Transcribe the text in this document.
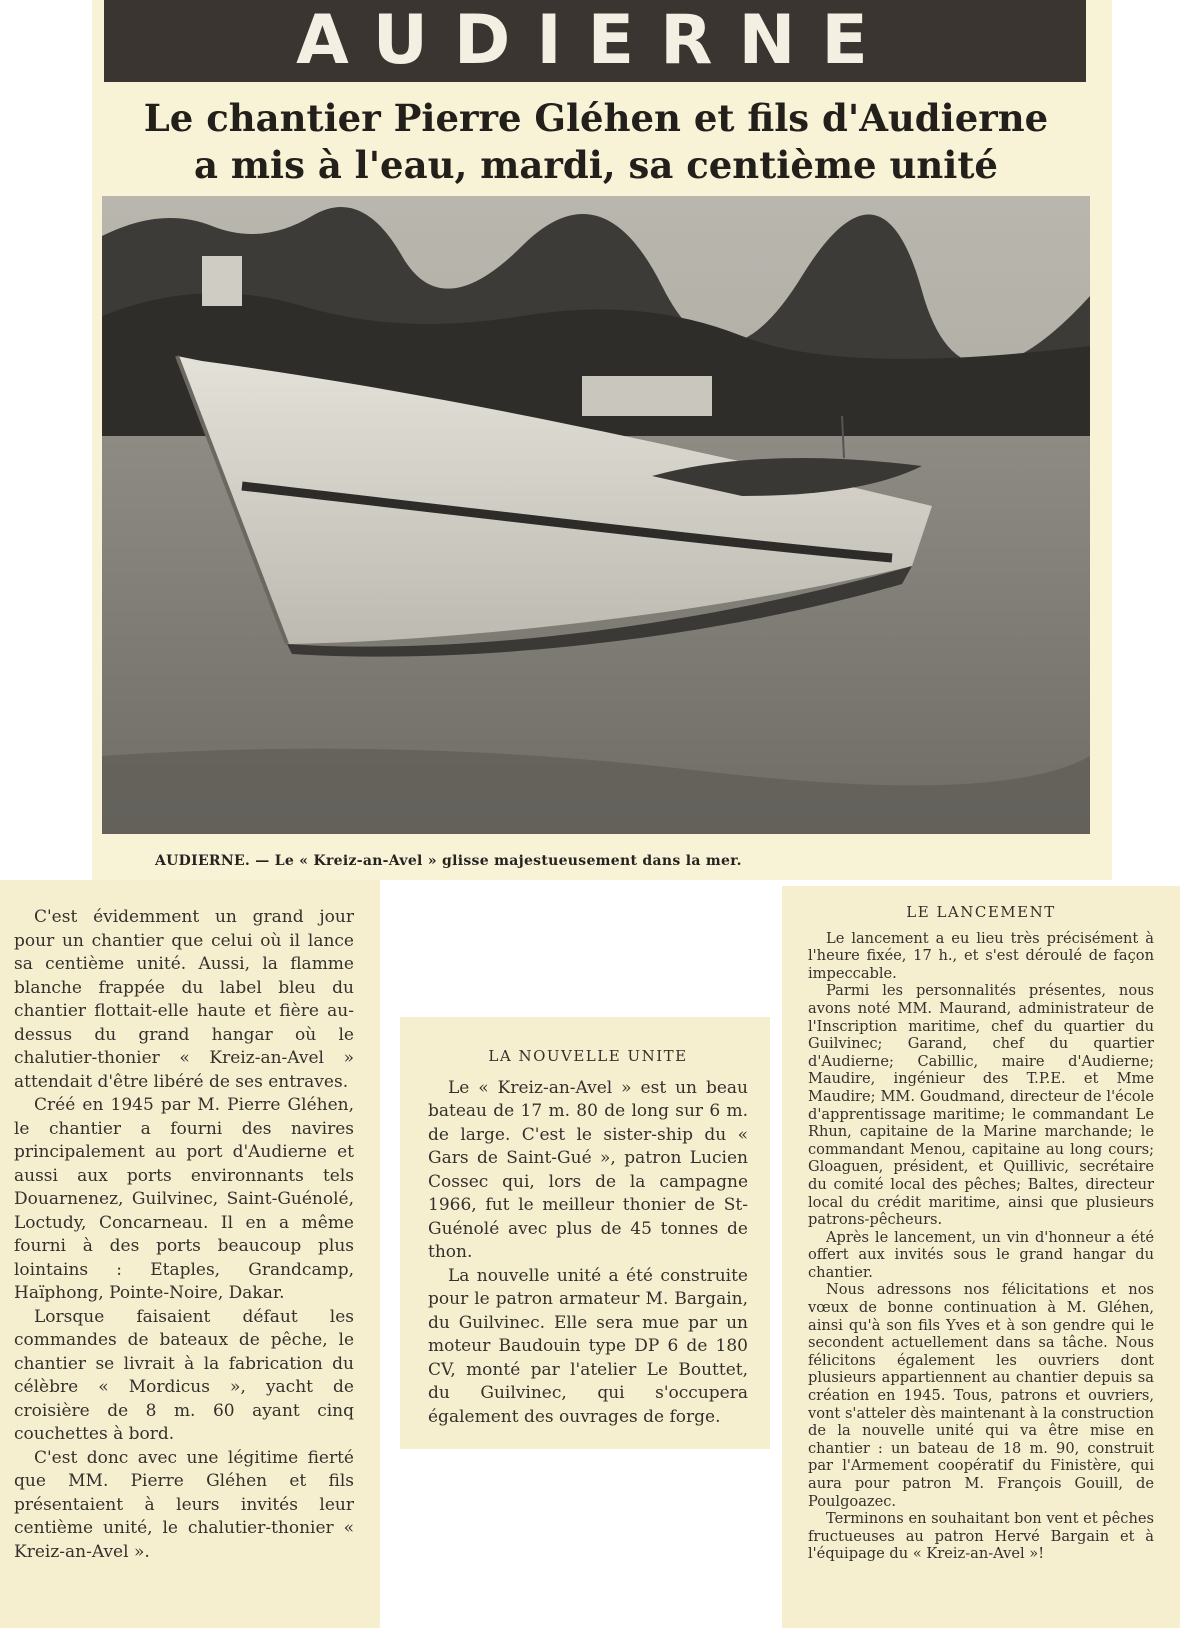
AUDIERNE
Le chantier Pierre Gléhen et fils d'Audierne
a mis à l'eau, mardi, sa centième unité
AUDIERNE. — Le « Kreiz-an-Avel » glisse majestueusement dans la mer.

C'est évidemment un grand jour pour un chantier que celui où il lance sa centième unité. Aussi, la flamme blanche frappée du label bleu du chantier flottait-elle haute et fière au-dessus du grand hangar où le chalutier-thonier « Kreiz-an-Avel » attendait d'être libéré de ses entraves.

Créé en 1945 par M. Pierre Gléhen, le chantier a fourni des navires principalement au port d'Audierne et aussi aux ports environnants tels Douarnenez, Guilvinec, Saint-Guénolé, Loctudy, Concarneau. Il en a même fourni à des ports beaucoup plus lointains : Etaples, Grandcamp, Haïphong, Pointe-Noire, Dakar.

Lorsque faisaient défaut les commandes de bateaux de pêche, le chantier se livrait à la fabrication du célèbre « Mordicus », yacht de croisière de 8 m. 60 ayant cinq couchettes à bord.

C'est donc avec une légitime fierté que MM. Pierre Gléhen et fils présentaient à leurs invités leur centième unité, le chalutier-thonier « Kreiz-an-Avel ».

LA NOUVELLE UNITE

Le « Kreiz-an-Avel » est un beau bateau de 17 m. 80 de long sur 6 m. de large. C'est le sister-ship du « Gars de Saint-Gué », patron Lucien Cossec qui, lors de la campagne 1966, fut le meilleur thonier de St-Guénolé avec plus de 45 tonnes de thon.

La nouvelle unité a été construite pour le patron armateur M. Bargain, du Guilvinec. Elle sera mue par un moteur Baudouin type DP 6 de 180 CV, monté par l'atelier Le Bouttet, du Guilvinec, qui s'occupera également des ouvrages de forge.

LE LANCEMENT

Le lancement a eu lieu très précisément à l'heure fixée, 17 h., et s'est déroulé de façon impeccable.

Parmi les personnalités présentes, nous avons noté MM. Maurand, administrateur de l'Inscription maritime, chef du quartier du Guilvinec; Garand, chef du quartier d'Audierne; Cabillic, maire d'Audierne; Maudire, ingénieur des T.P.E. et Mme Maudire; MM. Goudmand, directeur de l'école d'apprentissage maritime; le commandant Le Rhun, capitaine de la Marine marchande; le commandant Menou, capitaine au long cours; Gloaguen, président, et Quillivic, secrétaire du comité local des pêches; Baltes, directeur local du crédit maritime, ainsi que plusieurs patrons-pêcheurs.

Après le lancement, un vin d'honneur a été offert aux invités sous le grand hangar du chantier.

Nous adressons nos félicitations et nos vœux de bonne continuation à M. Gléhen, ainsi qu'à son fils Yves et à son gendre qui le secondent actuellement dans sa tâche. Nous félicitons également les ouvriers dont plusieurs appartiennent au chantier depuis sa création en 1945. Tous, patrons et ouvriers, vont s'atteler dès maintenant à la construction de la nouvelle unité qui va être mise en chantier : un bateau de 18 m. 90, construit par l'Armement coopératif du Finistère, qui aura pour patron M. François Gouill, de Poulgoazec.

Terminons en souhaitant bon vent et pêches fructueuses au patron Hervé Bargain et à l'équipage du « Kreiz-an-Avel »!
